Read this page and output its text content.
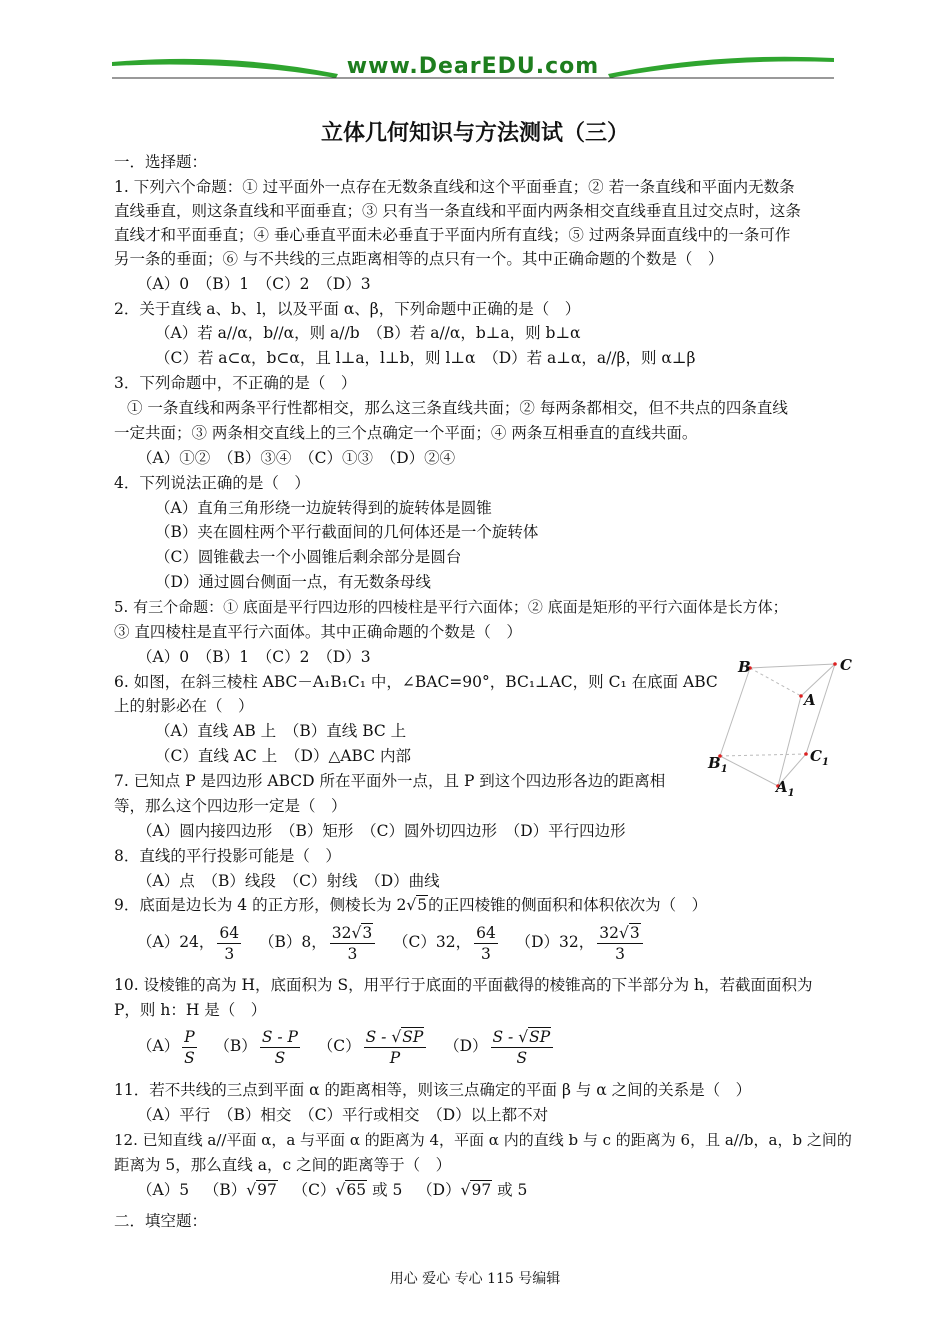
www.DearEDU.com
立体几何知识与方法测试（三）
一．选择题：
1. 下列六个命题：① 过平面外一点存在无数条直线和这个平面垂直；② 若一条直线和平面内无数条
直线垂直，则这条直线和平面垂直；③ 只有当一条直线和平面内两条相交直线垂直且过交点时，这条
直线才和平面垂直；④ 垂心垂直平面未必垂直于平面内所有直线；⑤ 过两条异面直线中的一条可作
另一条的垂面；⑥ 与不共线的三点距离相等的点只有一个。其中正确命题的个数是（　）
（A）0　（B）1　（C）2　（D）3
2．关于直线 a、b、l，以及平面 α、β，下列命题中正确的是（　）
（A）若 a//α，b//α，则 a//b　（B）若 a//α，b⊥a，则 b⊥α
（C）若 a⊂α，b⊂α，且 l⊥a，l⊥b，则 l⊥α　（D）若 a⊥α，a//β，则 α⊥β
3．下列命题中，不正确的是（　）
① 一条直线和两条平行性都相交，那么这三条直线共面；② 每两条都相交，但不共点的四条直线
一定共面；③ 两条相交直线上的三个点确定一个平面；④ 两条互相垂直的直线共面。
（A）①②　（B）③④　（C）①③　（D）②④
4．下列说法正确的是（　）
（A）直角三角形绕一边旋转得到的旋转体是圆锥
（B）夹在圆柱两个平行截面间的几何体还是一个旋转体
（C）圆锥截去一个小圆锥后剩余部分是圆台
（D）通过圆台侧面一点，有无数条母线
5. 有三个命题：① 底面是平行四边形的四棱柱是平行六面体；② 底面是矩形的平行六面体是长方体；
③ 直四棱柱是直平行六面体。其中正确命题的个数是（　）
（A）0　（B）1　（C）2　（D）3
6. 如图，在斜三棱柱 ABC－A₁B₁C₁ 中，∠BAC=90°，BC₁⊥AC，则 C₁ 在底面 ABC
上的射影必在（　）
（A）直线 AB 上　（B）直线 BC 上
（C）直线 AC 上　（D）△ABC 内部
B	C
A
$B_1$
$C_1$
$A_1$
7. 已知点 P 是四边形 ABCD 所在平面外一点，且 P 到这个四边形各边的距离相
等，那么这个四边形一定是（　）
（A）圆内接四边形　（B）矩形　（C）圆外切四边形　（D）平行四边形
8．直线的平行投影可能是（　）
（A）点　（B）线段　（C）射线　（D）曲线
9．底面是边长为 4 的正方形，侧棱长为 2√5的正四棱锥的侧面积和体积依次为（　）
（A）24， $\frac{64}{3} (B)8$， $\frac{32√3}{3} (C)32$， $\frac{64}{3} (D)32$， $\frac{32√3}{3}$
10. 设棱锥的高为 H，底面积为 S，用平行于底面的平面截得的棱锥高的下半部分为 h，若截面面积为
P，则 h：H 是（　）
$(A) \frac{P}{S} (B) \frac{S - P}{S} (C) \frac{S - √SP}{P} (D) \frac{S - √SP}{S}$
11．若不共线的三点到平面 α 的距离相等，则该三点确定的平面 β 与 α 之间的关系是（　）
（A）平行　（B）相交　（C）平行或相交　（D）以上都不对
12. 已知直线 a//平面 α，a 与平面 α 的距离为 4，平面 α 内的直线 b 与 c 的距离为 6，且 a//b，a，b 之间的
距离为 5，那么直线 a，c 之间的距离等于（　）
（A）5 （B）√97 （C）√65 或 5 （D）√97 或 5
二．填空题：
用心 爱心 专心 115 号编辑
